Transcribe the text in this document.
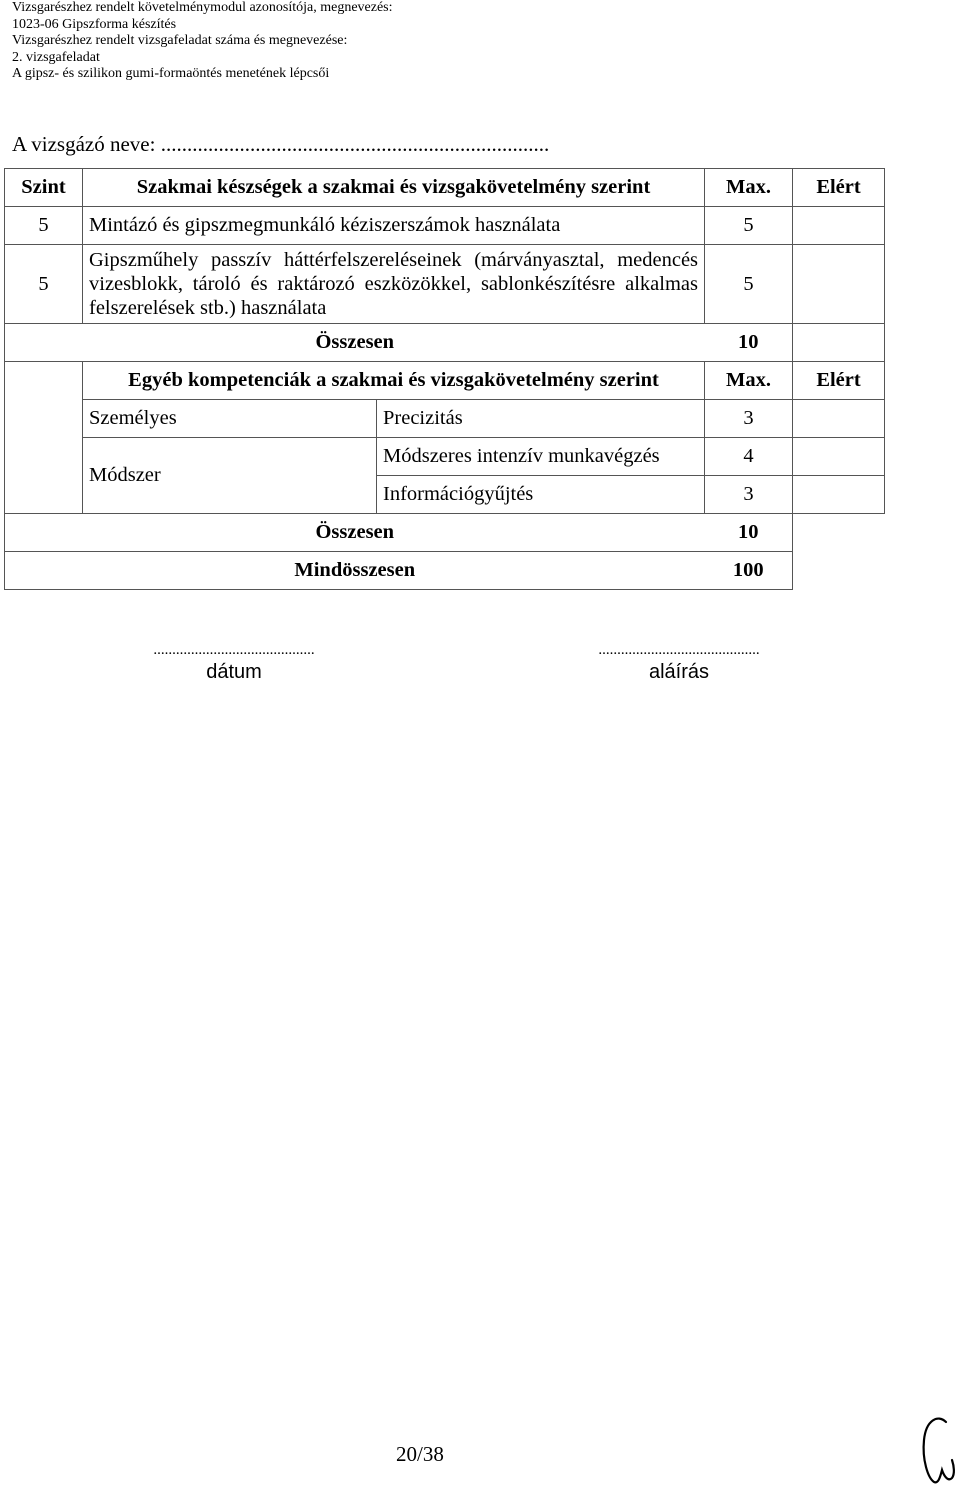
Vizsgarészhez rendelt követelménymodul azonosítója, megnevezés:
1023-06 Gipszforma készítés
Vizsgarészhez rendelt vizsgafeladat száma és megnevezése:
2. vizsgafeladat
A gipsz- és szilikon gumi-formaöntés menetének lépcsői
A vizsgázó neve: ..........................................................................
Szint	Szakmai készségek a szakmai és vizsgakövetelmény szerint		Max.	Elért
5	Mintázó és gipszmegmunkáló kéziszerszámok használata		5	
5	Gipszműhely passzív háttérfelszereléseinek (márványasztal, medencés vizesblokk, tároló és raktározó eszközökkel, sablonkészítésre alkalmas felszerelések stb.) használata		5	
Összesen			10	
	Egyéb kompetenciák a szakmai és vizsgakövetelmény szerint		Max.	Elért
	Személyes	Precizitás	3	
	Módszer	Módszeres intenzív munkavégzés	4	
		Információgyűjtés	3	
Összesen			10	
Mindösszesen			100	
...........................................
dátum
...........................................
aláírás
20/38
